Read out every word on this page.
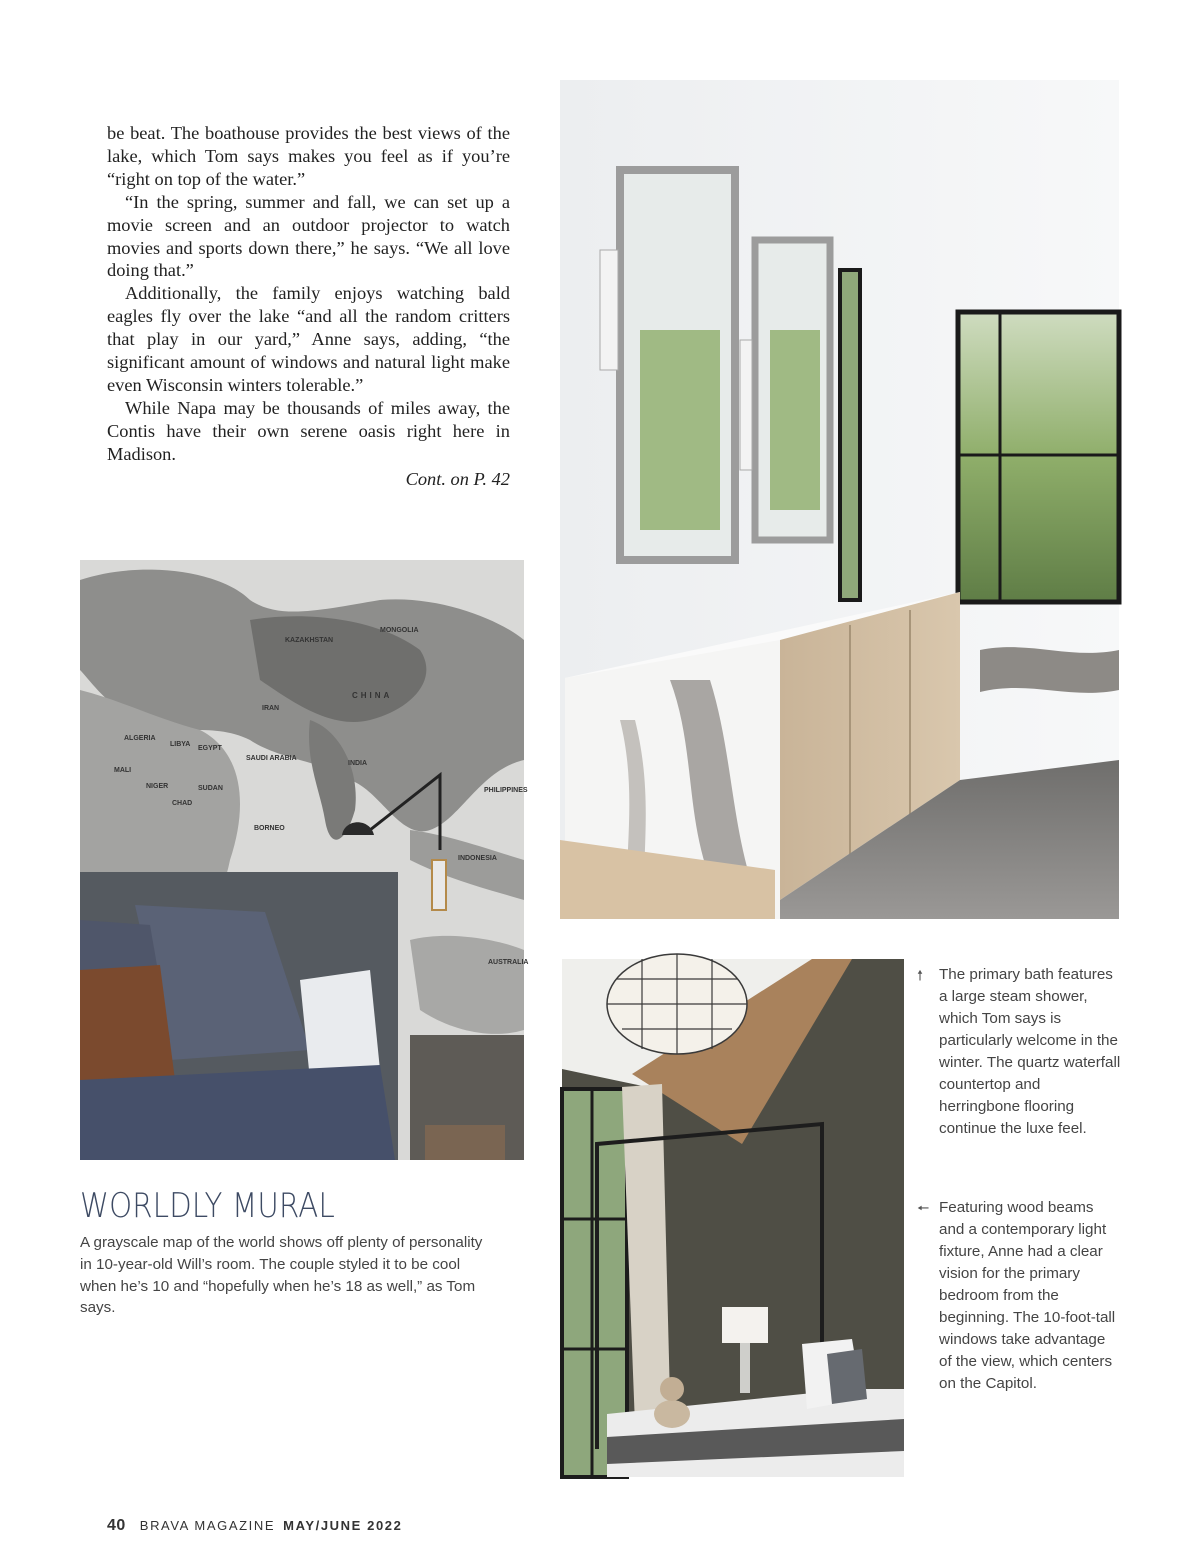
be beat. The boathouse provides the best views of the lake, which Tom says makes you feel as if you’re “right on top of the water.”

“In the spring, summer and fall, we can set up a movie screen and an outdoor projector to watch movies and sports down there,” he says. “We all love doing that.”

Additionally, the family enjoys watching bald eagles fly over the lake “and all the random critters that play in our yard,” Anne says, adding, “the significant amount of windows and natural light make even Wisconsin winters tolerable.”

While Napa may be thousands of miles away, the Contis have their own serene oasis right here in Madison.

Cont. on P. 42

MONGOLIA
CHINA
KAZAKHSTAN
INDIA
ALGERIA
LIBYA
EGYPT
SUDAN
CHAD
NIGER
MALI
SAUDI ARABIA
INDONESIA
PHILIPPINES
AUSTRALIA
BORNEO
IRAN
WORLDLY MURAL
A grayscale map of the world shows off plenty of personality in 10-year-old Will’s room. The couple styled it to be cool when he’s 10 and “hopefully when he’s 18 as well,” as Tom says.
🠕	The primary bath features a large steam shower, which Tom says is particularly welcome in the winter. The quartz waterfall countertop and herringbone flooring continue the luxe feel.
🠔 Featuring wood beams and a contemporary light fixture, Anne had a clear vision for the primary bedroom from the beginning. The 10-foot-tall windows take advantage of the view, which centers on the Capitol.
40 BRAVA MAGAZINE MAY/JUNE 2022
